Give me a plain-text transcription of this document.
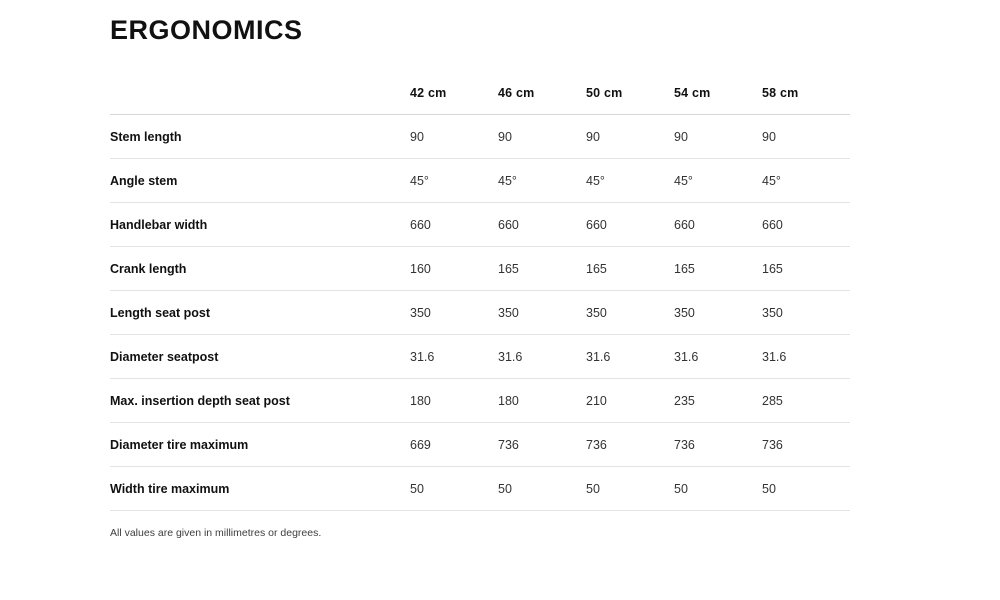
ERGONOMICS
	42 cm	46 cm	50 cm	54 cm	58 cm
Stem length	90	90	90	90	90
Angle stem	45°	45°	45°	45°	45°
Handlebar width	660	660	660	660	660
Crank length	160	165	165	165	165
Length seat post	350	350	350	350	350
Diameter seatpost	31.6	31.6	31.6	31.6	31.6
Max. insertion depth seat post	180	180	210	235	285
Diameter tire maximum	669	736	736	736	736
Width tire maximum	50	50	50	50	50
All values are given in millimetres or degrees.
